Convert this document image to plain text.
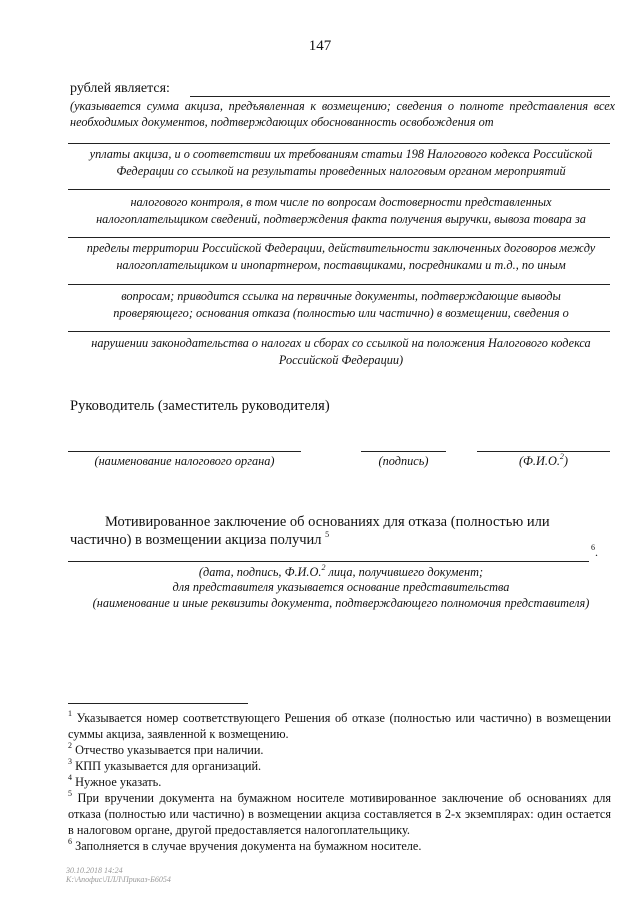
147
рублей является:
(указывается сумма акциза, предъявленная к возмещению; сведения о полноте представления всех
необходимых документов, подтверждающих обоснованность освобождения от
уплаты акциза, и о соответствии их требованиям статьи 198 Налогового кодекса Российской
Федерации со ссылкой на результаты проведенных налоговым органом мероприятий
налогового контроля, в том числе по вопросам достоверности представленных
налогоплательщиком сведений, подтверждения факта получения выручки, вывоза товара за
пределы территории Российской Федерации, действительности заключенных договоров между
налогоплательщиком и инопартнером, поставщиками, посредниками и т.д., по иным
вопросам; приводится ссылка на первичные документы, подтверждающие выводы
проверяющего; основания отказа (полностью или частично) в возмещении, сведения о
нарушении законодательства о налогах и сборах со ссылкой на положения Налогового кодекса
Российской Федерации)
Руководитель (заместитель руководителя)
(наименование налогового органа)	(подпись)	(Ф.И.О.$^2$)
Мотивированное заключение об основаниях для отказа (полностью или
частично) в возмещении акциза получил $^5$
$^6$.
(дата, подпись, Ф.И.О.$^2$ лица, получившего документ;
для представителя указывается основание представительства
(наименование и иные реквизиты документа, подтверждающего полномочия представителя)
$^1$ Указывается номер соответствующего Решения об отказе (полностью или частично) в возмещении суммы акциза, заявленной к возмещению.
$^2$ Отчество указывается при наличии.
$^3$ КПП указывается для организаций.
$^4$ Нужное указать.
$^5$ При вручении документа на бумажном носителе мотивированное заключение об основаниях для отказа (полностью или частично) в возмещении акциза составляется в 2-х экземплярах: один остается в налоговом органе, другой предоставляется налогоплательщику.
$^6$ Заполняется в случае вручения документа на бумажном носителе.
30.10.2018 14:24
К:\Апофис\ЛЛЛ\Приказ-Б6054
